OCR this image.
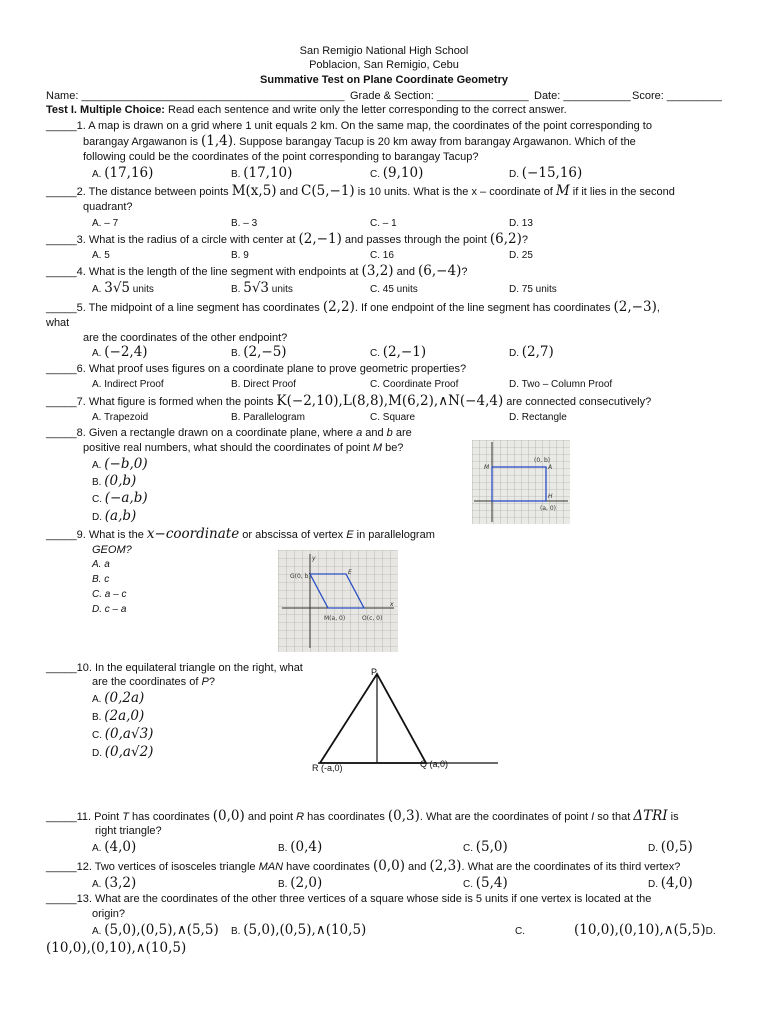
San Remigio National High School
Poblacion, San Remigio, Cebu
Summative Test on Plane Coordinate Geometry
Name: ___________________________________________ Grade & Section: _______________ Date: ___________ Score: _________
Test I. Multiple Choice: Read each sentence and write only the letter corresponding to the correct answer.
_____1. A map is drawn on a grid where 1 unit equals 2 km. On the same map, the coordinates of the point corresponding to
barangay Argawanon is (1,4). Suppose barangay Tacup is 20 km away from barangay Argawanon. Which of the
following could be the coordinates of the point corresponding to barangay Tacup?
A. (17,16)	B. (17,10)	C. (9,10)	D. (−15,16)
_____2. The distance between points M(x,5) and C(5,−1) is 10 units. What is the x – coordinate of M if it lies in the second
quadrant?
A. – 7	B. – 3	C. – 1	D. 13
_____3. What is the radius of a circle with center at (2,−1) and passes through the point (6,2)?
A. 5	B. 9	C. 16	D. 25
_____4. What is the length of the line segment with endpoints at (3,2) and (6,−4)?
A. 3√5 units	B. 5√3 units	C. 45 units	D. 75 units
_____5. The midpoint of a line segment has coordinates (2,2). If one endpoint of the line segment has coordinates (2,−3),
what
are the coordinates of the other endpoint?
A. (−2,4)	B. (2,−5)	C. (2,−1)	D. (2,7)
_____6. What proof uses figures on a coordinate plane to prove geometric properties?
A. Indirect Proof	B. Direct Proof	C. Coordinate Proof	D. Two – Column Proof
_____7. What figure is formed when the points K(−2,10),L(8,8),M(6,2),∧N(−4,4) are connected consecutively?
A. Trapezoid	B. Parallelogram	C. Square	D. Rectangle
_____8. Given a rectangle drawn on a coordinate plane, where a and b are
positive real numbers, what should the coordinates of point M be?
A. (−b,0)
B. (0,b)
C. (−a,b)
D. (a,b)
(0, b)
M	A
H
(a, 0)
_____9. What is the x−coordinate or abscissa of vertex E in parallelogram
GEOM?
A. a
B. c
C. a – c
D. c – a
G(0, b)
E
M(a, 0)	O(c, 0)
x
y
_____10. In the equilateral triangle on the right, what
are the coordinates of P?
A. (0,2a)
B. (2a,0)
C. (0,a√3)
D. (0,a√2)
P
R (-a,0)	Q (a,0)
_____11. Point T has coordinates (0,0) and point R has coordinates (0,3). What are the coordinates of point I so that ΔTRI is
right triangle?
A. (4,0)	B. (0,4)	C. (5,0)	D. (0,5)
_____12. Two vertices of isosceles triangle MAN have coordinates (0,0) and (2,3). What are the coordinates of its third vertex?
A. (3,2)	B. (2,0)	C. (5,4)	D. (4,0)
_____13. What are the coordinates of the other three vertices of a square whose side is 5 units if one vertex is located at the
origin?
A. (5,0),(0,5),∧(5,5) B. (5,0),(0,5),∧(10,5)	C.	(10,0),(0,10),∧(5,5)D.
(10,0),(0,10),∧(10,5)
